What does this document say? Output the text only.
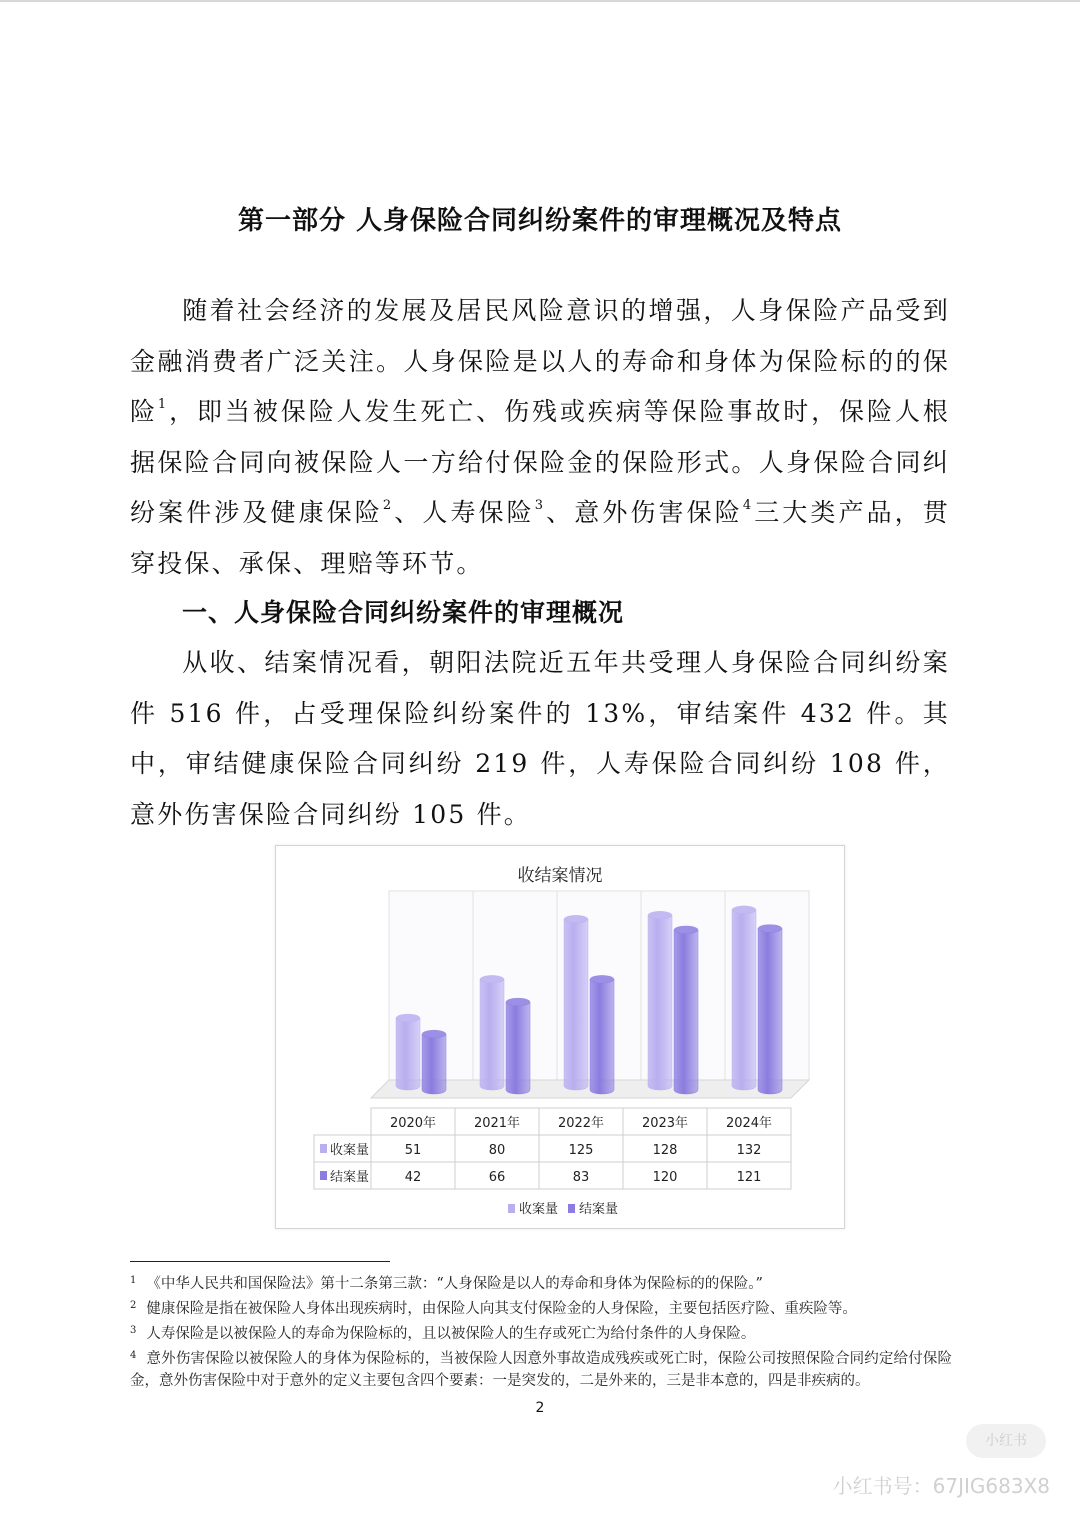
第一部分 人身保险合同纠纷案件的审理概况及特点

随着社会经济的发展及居民风险意识的增强，人身保险产品受到金融消费者广泛关注。人身保险是以人的寿命和身体为保险标的的保险$^1$，即当被保险人发生死亡、伤残或疾病等保险事故时，保险人根据保险合同向被保险人一方给付保险金的保险形式。人身保险合同纠纷案件涉及健康保险$^2$、人寿保险$^3$、意外伤害保险$^4$三大类产品，贯穿投保、承保、理赔等环节。

一、人身保险合同纠纷案件的审理概况

从收、结案情况看，朝阳法院近五年共受理人身保险合同纠纷案件 516 件，占受理保险纠纷案件的 13%，审结案件 432 件。其中，审结健康保险合同纠纷 219 件，人寿保险合同纠纷 108 件，意外伤害保险合同纠纷 105 件。

收结案情况
2020年	2021年	2022年	2023年	2024年
收案量	51	80	125	128	132
结案量	42	66	83	120	121
收案量 结案量

$^1$ 《中华人民共和国保险法》第十二条第三款：“人身保险是以人的寿命和身体为保险标的的保险。”

$^2$ 健康保险是指在被保险人身体出现疾病时，由保险人向其支付保险金的人身保险，主要包括医疗险、重疾险等。

$^3$ 人寿保险是以被保险人的寿命为保险标的，且以被保险人的生存或死亡为给付条件的人身保险。

$^4$ 意外伤害保险以被保险人的身体为保险标的，当被保险人因意外事故造成残疾或死亡时，保险公司按照保险合同约定给付保险金，意外伤害保险中对于意外的定义主要包含四个要素：一是突发的，二是外来的，三是非本意的，四是非疾病的。

2
小红书
小红书号：67JIG683X8
